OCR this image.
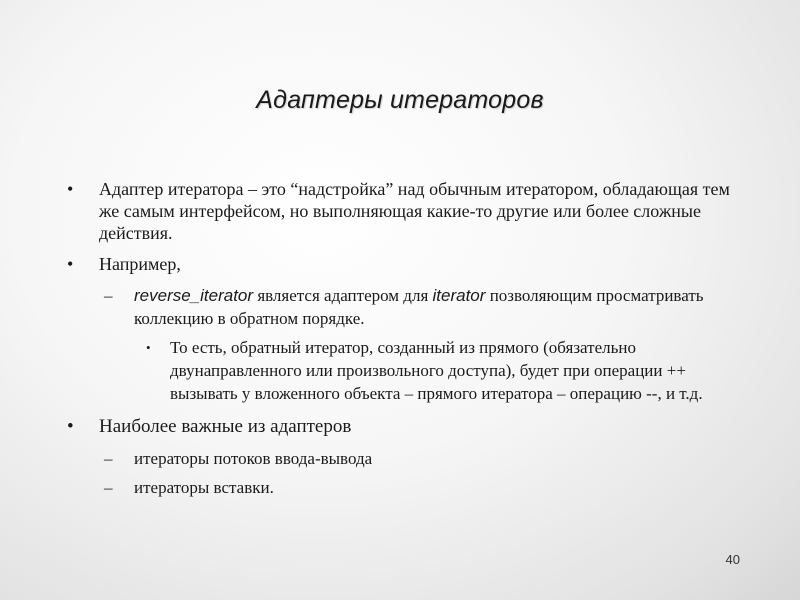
Адаптеры итераторов
• Адаптер итератора – это “надстройка” над обычным итератором, обладающая тем же самым интерфейсом, но выполняющая какие-то другие или более сложные действия.
• Например,
– reverse_iterator является адаптером для iterator позволяющим просматривать коллекцию в обратном порядке.
• То есть, обратный итератор, созданный из прямого (обязательно двунаправленного или произвольного доступа), будет при операции ++ вызывать у вложенного объекта – прямого итератора – операцию --, и т.д.
• Наиболее важные из адаптеров
– итераторы потоков ввода-вывода
– итераторы вставки.
40
